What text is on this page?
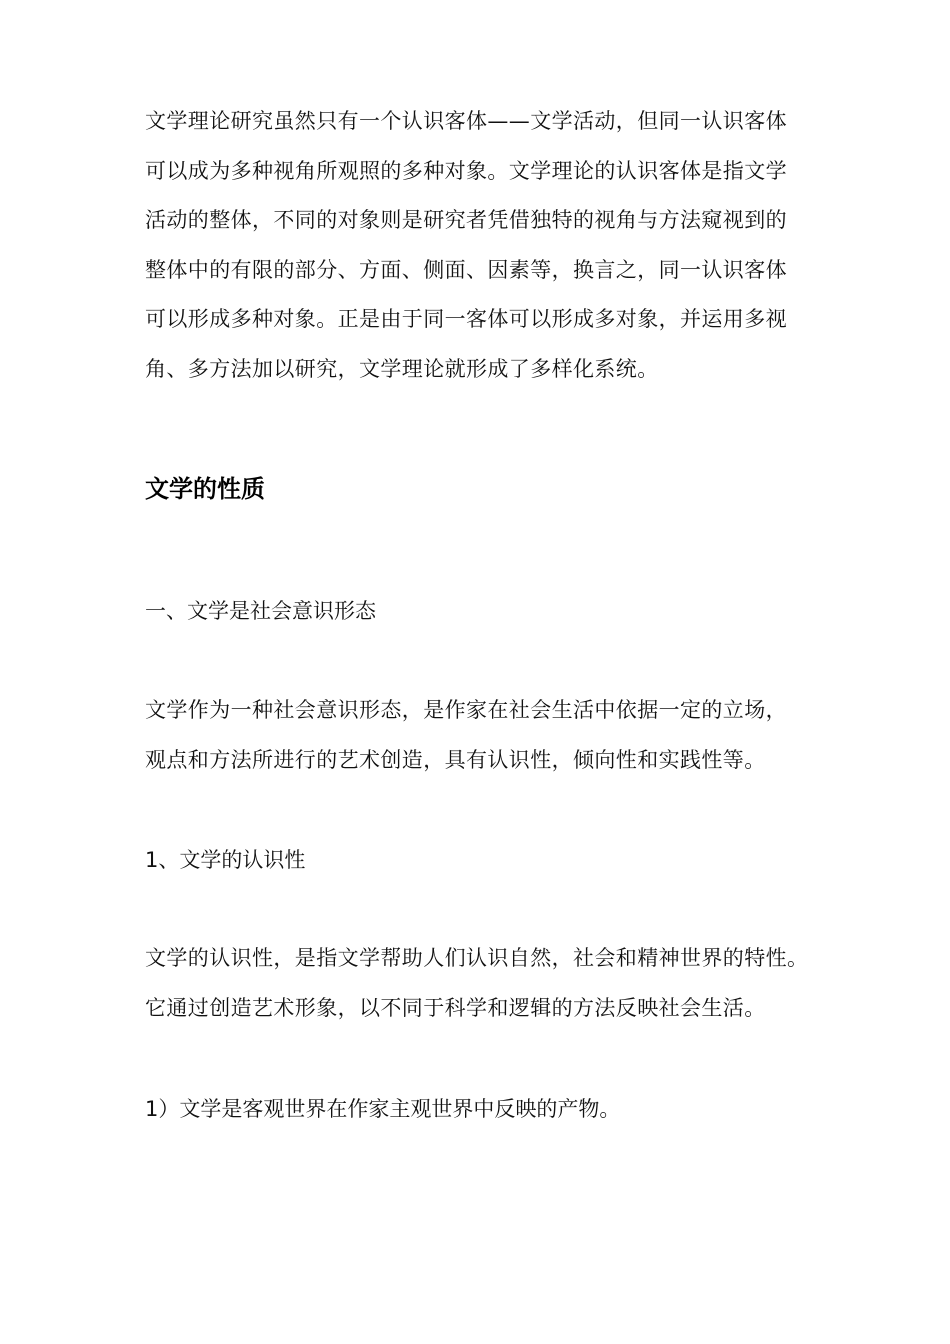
文学理论研究虽然只有一个认识客体——文学活动，但同一认识客体
可以成为多种视角所观照的多种对象。文学理论的认识客体是指文学
活动的整体，不同的对象则是研究者凭借独特的视角与方法窥视到的
整体中的有限的部分、方面、侧面、因素等，换言之，同一认识客体
可以形成多种对象。正是由于同一客体可以形成多对象，并运用多视
角、多方法加以研究，文学理论就形成了多样化系统。
文学的性质
一、文学是社会意识形态
文学作为一种社会意识形态，是作家在社会生活中依据一定的立场，
观点和方法所进行的艺术创造，具有认识性，倾向性和实践性等。
1、文学的认识性
文学的认识性，是指文学帮助人们认识自然，社会和精神世界的特性。
它通过创造艺术形象，以不同于科学和逻辑的方法反映社会生活。
1）文学是客观世界在作家主观世界中反映的产物。
